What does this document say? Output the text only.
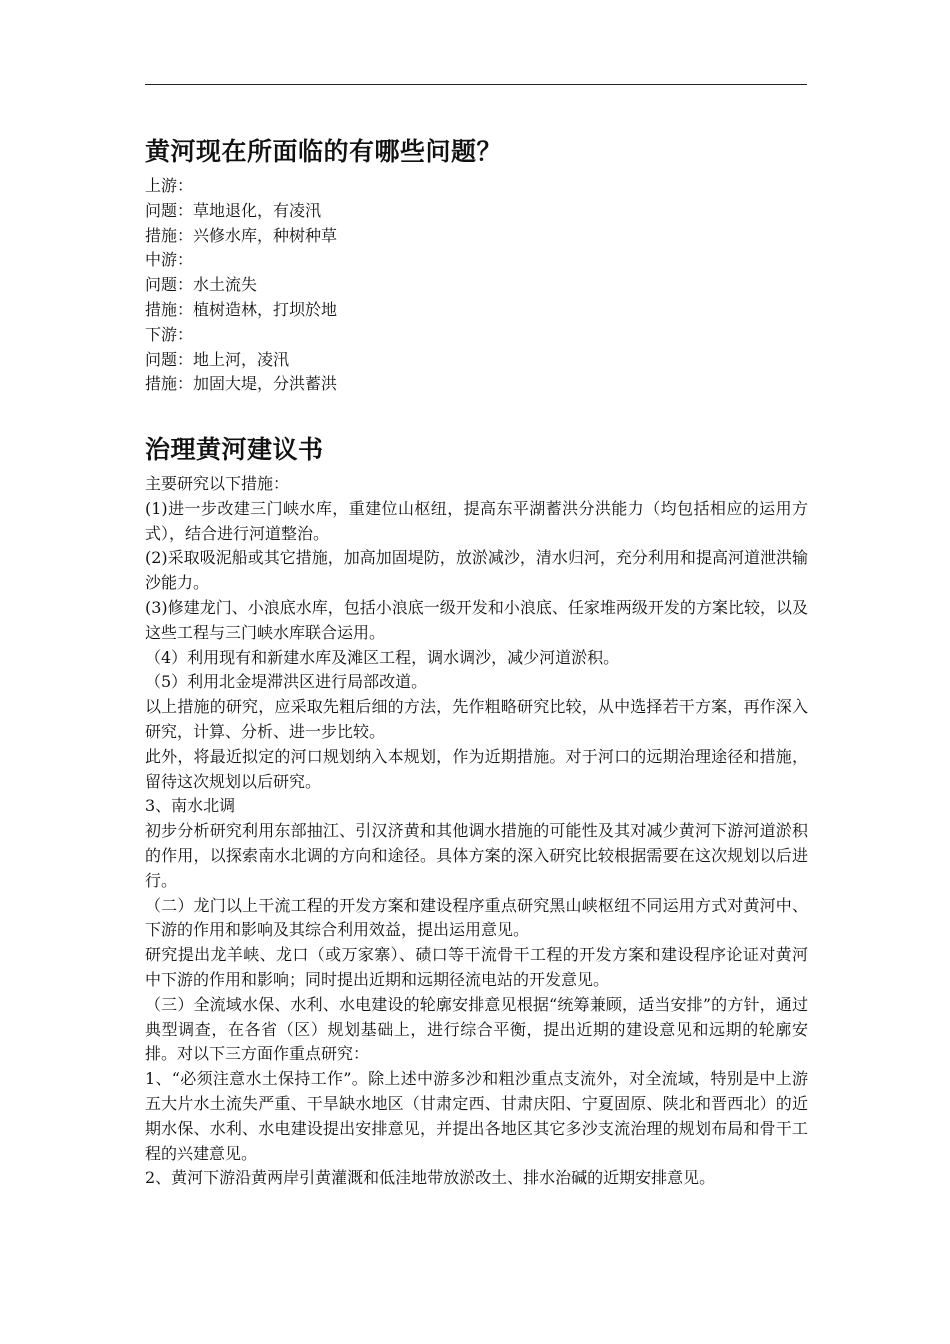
黄河现在所面临的有哪些问题？
上游：
问题：草地退化，有凌汛
措施：兴修水库，种树种草
中游：
问题：水土流失
措施：植树造林，打坝於地
下游：
问题：地上河，凌汛
措施：加固大堤，分洪蓄洪
治理黄河建议书
主要研究以下措施：
(1)进一步改建三门峡水库，重建位山枢纽，提高东平湖蓄洪分洪能力（均包括相应的运用方式），结合进行河道整治。
(2)采取吸泥船或其它措施，加高加固堤防，放淤减沙，清水归河，充分利用和提高河道泄洪输沙能力。
(3)修建龙门、小浪底水库，包括小浪底一级开发和小浪底、任家堆两级开发的方案比较，以及这些工程与三门峡水库联合运用。
（4）利用现有和新建水库及滩区工程，调水调沙，减少河道淤积。
（5）利用北金堤滞洪区进行局部改道。
以上措施的研究，应采取先粗后细的方法，先作粗略研究比较，从中选择若干方案，再作深入研究，计算、分析、进一步比较。
此外，将最近拟定的河口规划纳入本规划，作为近期措施。对于河口的远期治理途径和措施，留待这次规划以后研究。
3、南水北调
初步分析研究利用东部抽江、引汉济黄和其他调水措施的可能性及其对减少黄河下游河道淤积的作用，以探索南水北调的方向和途径。具体方案的深入研究比较根据需要在这次规划以后进行。
（二）龙门以上干流工程的开发方案和建设程序重点研究黑山峡枢纽不同运用方式对黄河中、下游的作用和影响及其综合利用效益，提出运用意见。
研究提出龙羊峡、龙口（或万家寨）、碛口等干流骨干工程的开发方案和建设程序论证对黄河中下游的作用和影响；同时提出近期和远期径流电站的开发意见。
（三）全流域水保、水利、水电建设的轮廓安排意见根据“统筹兼顾，适当安排”的方针，通过典型调查，在各省（区）规划基础上，进行综合平衡，提出近期的建设意见和远期的轮廓安排。对以下三方面作重点研究：
1、“必须注意水土保持工作”。除上述中游多沙和粗沙重点支流外，对全流域，特别是中上游五大片水土流失严重、干旱缺水地区（甘肃定西、甘肃庆阳、宁夏固原、陕北和晋西北）的近期水保、水利、水电建设提出安排意见，并提出各地区其它多沙支流治理的规划布局和骨干工程的兴建意见。
2、黄河下游沿黄两岸引黄灌溉和低洼地带放淤改土、排水治碱的近期安排意见。
